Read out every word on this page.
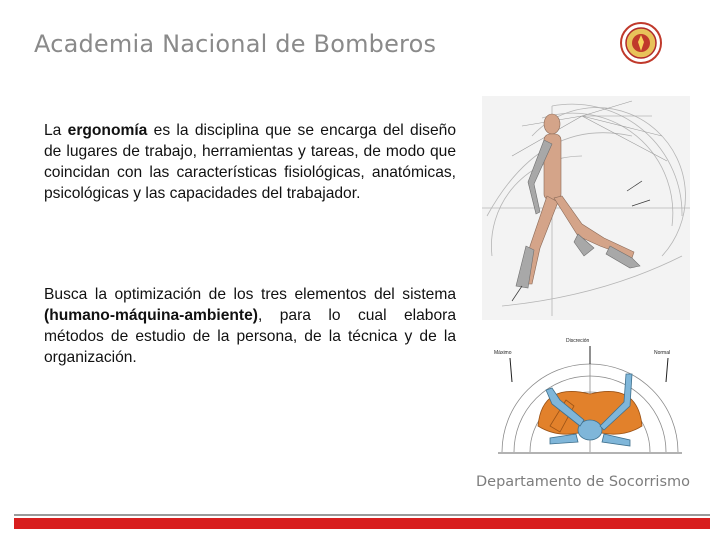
Academia Nacional de Bomberos
La ergonomía es la disciplina que se encarga del diseño de lugares de trabajo, herramientas y tareas, de modo que coincidan con las características fisiológicas, anatómicas, psicológicas y las capacidades del trabajador.
Busca la optimización de los tres elementos del sistema (humano-máquina-ambiente), para lo cual elabora métodos de estudio de la persona, de la técnica y de la organización.
Discreción
Máximo	Normal
Departamento de Socorrismo
